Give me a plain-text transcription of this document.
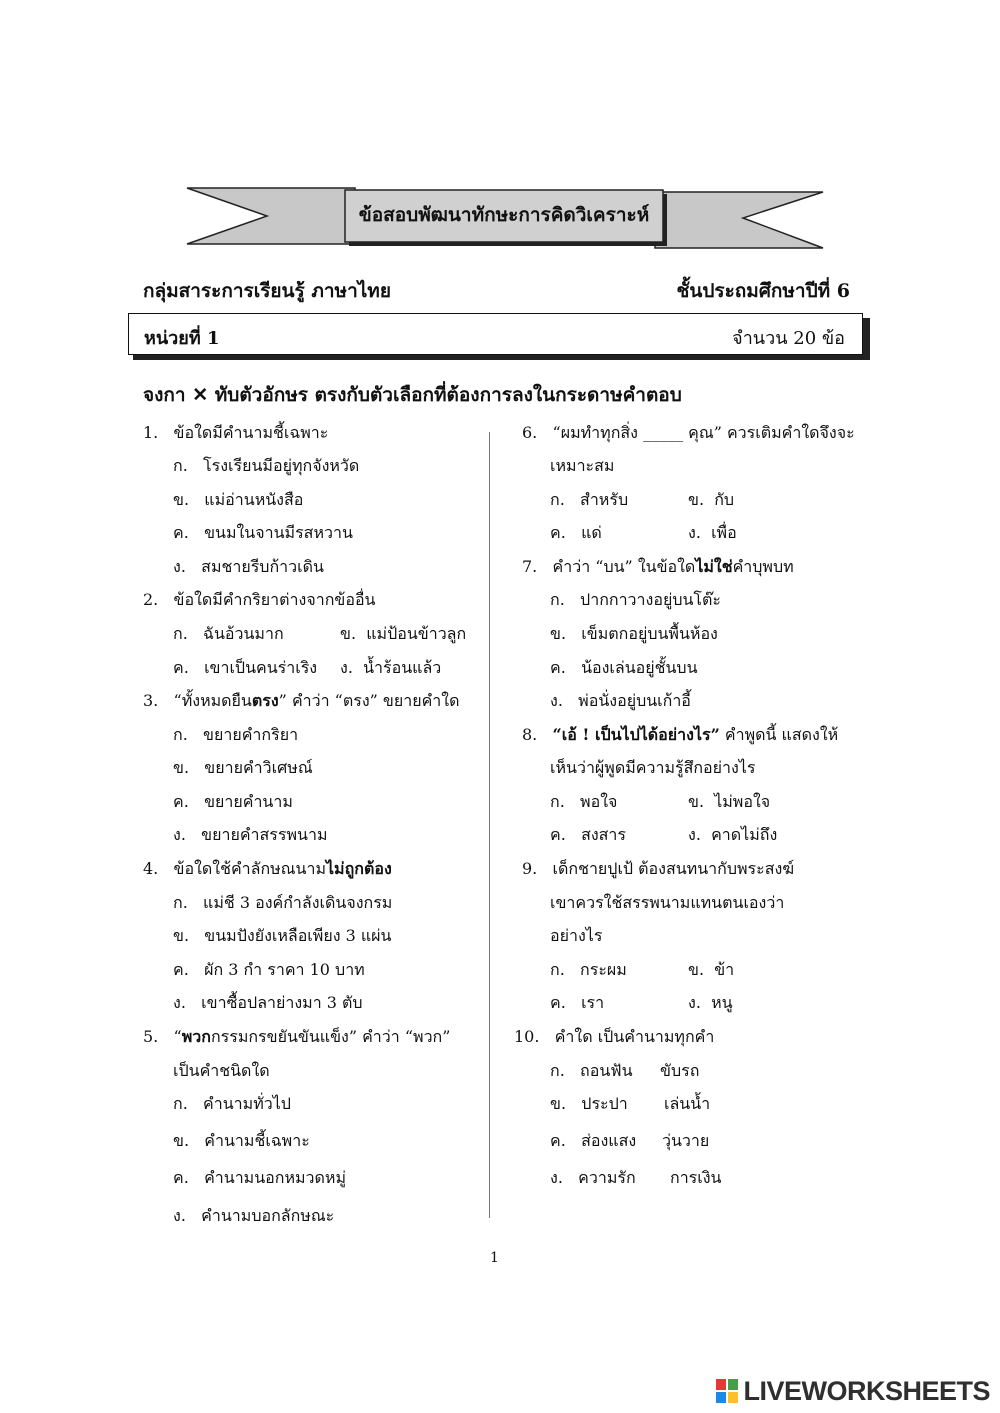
ข้อสอบพัฒนาทักษะการคิดวิเคราะห์
กลุ่มสาระการเรียนรู้ ภาษาไทย	ชั้นประถมศึกษาปีที่ 6
หน่วยที่ 1	จำนวน 20 ข้อ
จงกา ✕ ทับตัวอักษร ตรงกับตัวเลือกที่ต้องการลงในกระดาษคำตอบ
1. ข้อใดมีคำนามชี้เฉพาะ
ก. โรงเรียนมีอยู่ทุกจังหวัด
ข. แม่อ่านหนังสือ
ค. ขนมในจานมีรสหวาน
ง. สมชายรีบก้าวเดิน
2. ข้อใดมีคำกริยาต่างจากข้ออื่น
ก. ฉันอ้วนมาก	ข. แม่ป้อนข้าวลูก
ค. เขาเป็นคนร่าเริง ง. น้ำร้อนแล้ว
3. “ทั้งหมดยืนตรง” คำว่า “ตรง” ขยายคำใด
ก. ขยายคำกริยา
ข. ขยายคำวิเศษณ์
ค. ขยายคำนาม
ง. ขยายคำสรรพนาม
4. ข้อใดใช้คำลักษณนามไม่ถูกต้อง
ก. แม่ชี 3 องค์กำลังเดินจงกรม
ข. ขนมปังยังเหลือเพียง 3 แผ่น
ค. ผัก 3 กำ ราคา 10 บาท
ง. เขาซื้อปลาย่างมา 3 ตับ
5. “พวกกรรมกรขยันขันแข็ง” คำว่า “พวก”
เป็นคำชนิดใด
ก. คำนามทั่วไป
ข. คำนามชี้เฉพาะ
ค. คำนามนอกหมวดหมู่
ง. คำนามบอกลักษณะ
6. “ผมทำทุกสิ่ง _____ คุณ” ควรเติมคำใดจึงจะ
เหมาะสม
ก. สำหรับ	ข. กับ
ค. แด่	ง. เพื่อ
7. คำว่า “บน” ในข้อใดไม่ใช่คำบุพบท
ก. ปากกาวางอยู่บนโต๊ะ
ข. เข็มตกอยู่บนพื้นห้อง
ค. น้องเล่นอยู่ชั้นบน
ง. พ่อนั่งอยู่บนเก้าอี้
8. “เอ้ ! เป็นไปได้อย่างไร” คำพูดนี้ แสดงให้
เห็นว่าผู้พูดมีความรู้สึกอย่างไร
ก. พอใจ	ข. ไม่พอใจ
ค. สงสาร	ง. คาดไม่ถึง
9. เด็กชายปูเป้ ต้องสนทนากับพระสงฆ์
เขาควรใช้สรรพนามแทนตนเองว่า
อย่างไร
ก. กระผม	ข. ข้า
ค. เรา	ง. หนู
10. คำใด เป็นคำนามทุกคำ
ก. ถอนฟัน ขับรถ
ข. ประปา เล่นน้ำ
ค. ส่องแสง วุ่นวาย
ง. ความรัก การเงิน
1
LIVEWORKSHEETS
